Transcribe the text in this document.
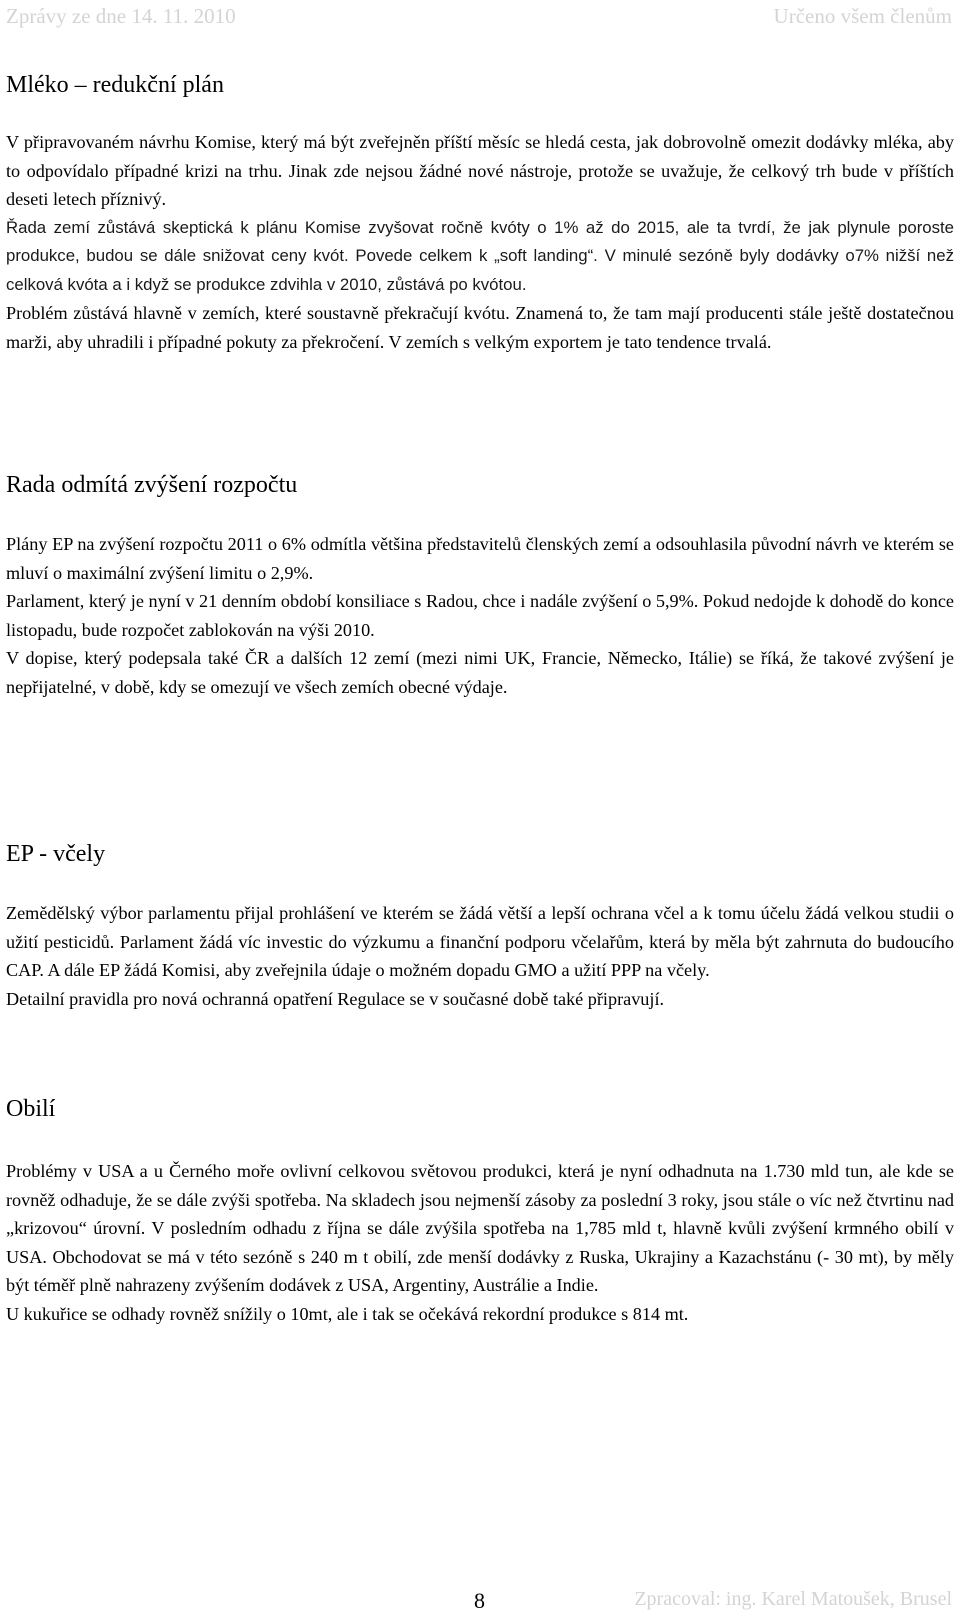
Zprávy ze dne 14. 11. 2010	Určeno všem členům
Mléko – redukční plán

V připravovaném návrhu Komise, který má být zveřejněn příští měsíc se hledá cesta, jak dobrovolně omezit dodávky mléka, aby to odpovídalo případné krizi na trhu. Jinak zde nejsou žádné nové nástroje, protože se uvažuje, že celkový trh bude v příštích deseti letech příznivý.

Řada zemí zůstává skeptická k plánu Komise zvyšovat ročně kvóty o 1% až do 2015, ale ta tvrdí, že jak plynule poroste produkce, budou se dále snižovat ceny kvót. Povede celkem k „soft landing“. V minulé sezóně byly dodávky o7% nižší než celková kvóta a i když se produkce zdvihla v 2010, zůstává po kvótou.

Problém zůstává hlavně v zemích, které soustavně překračují kvótu. Znamená to, že tam mají producenti stále ještě dostatečnou marži, aby uhradili i případné pokuty za překročení. V zemích s velkým exportem je tato tendence trvalá.

Rada odmítá zvýšení rozpočtu

Plány EP na zvýšení rozpočtu 2011 o 6% odmítla většina představitelů členských zemí a odsouhlasila původní návrh ve kterém se mluví o maximální zvýšení limitu o 2,9%.

Parlament, který je nyní v 21 denním období konsiliace s Radou, chce i nadále zvýšení o 5,9%. Pokud nedojde k dohodě do konce listopadu, bude rozpočet zablokován na výši 2010.

V dopise, který podepsala také ČR a dalších 12 zemí (mezi nimi UK, Francie, Německo, Itálie) se říká, že takové zvýšení je nepřijatelné, v době, kdy se omezují ve všech zemích obecné výdaje.

EP - včely

Zemědělský výbor parlamentu přijal prohlášení ve kterém se žádá větší a lepší ochrana včel a k tomu účelu žádá velkou studii o užití pesticidů. Parlament žádá víc investic do výzkumu a finanční podporu včelařům, která by měla být zahrnuta do budoucího CAP. A dále EP žádá Komisi, aby zveřejnila údaje o možném dopadu GMO a užití PPP na včely.

Detailní pravidla pro nová ochranná opatření Regulace se v současné době také připravují.

Obilí

Problémy v USA a u Černého moře ovlivní celkovou světovou produkci, která je nyní odhadnuta na 1.730 mld tun, ale kde se rovněž odhaduje, že se dále zvýši spotřeba. Na skladech jsou nejmenší zásoby za poslední 3 roky, jsou stále o víc než čtvrtinu nad „krizovou“ úrovní. V posledním odhadu z října se dále zvýšila spotřeba na 1,785 mld t, hlavně kvůli zvýšení krmného obilí v USA. Obchodovat se má v této sezóně s 240 m t obilí, zde menší dodávky z Ruska, Ukrajiny a Kazachstánu (- 30 mt), by měly být téměř plně nahrazeny zvýšením dodávek z USA, Argentiny, Austrálie a Indie.

U kukuřice se odhady rovněž snížily o 10mt, ale i tak se očekává rekordní produkce s 814 mt.

8	Zpracoval: ing. Karel Matoušek, Brusel
